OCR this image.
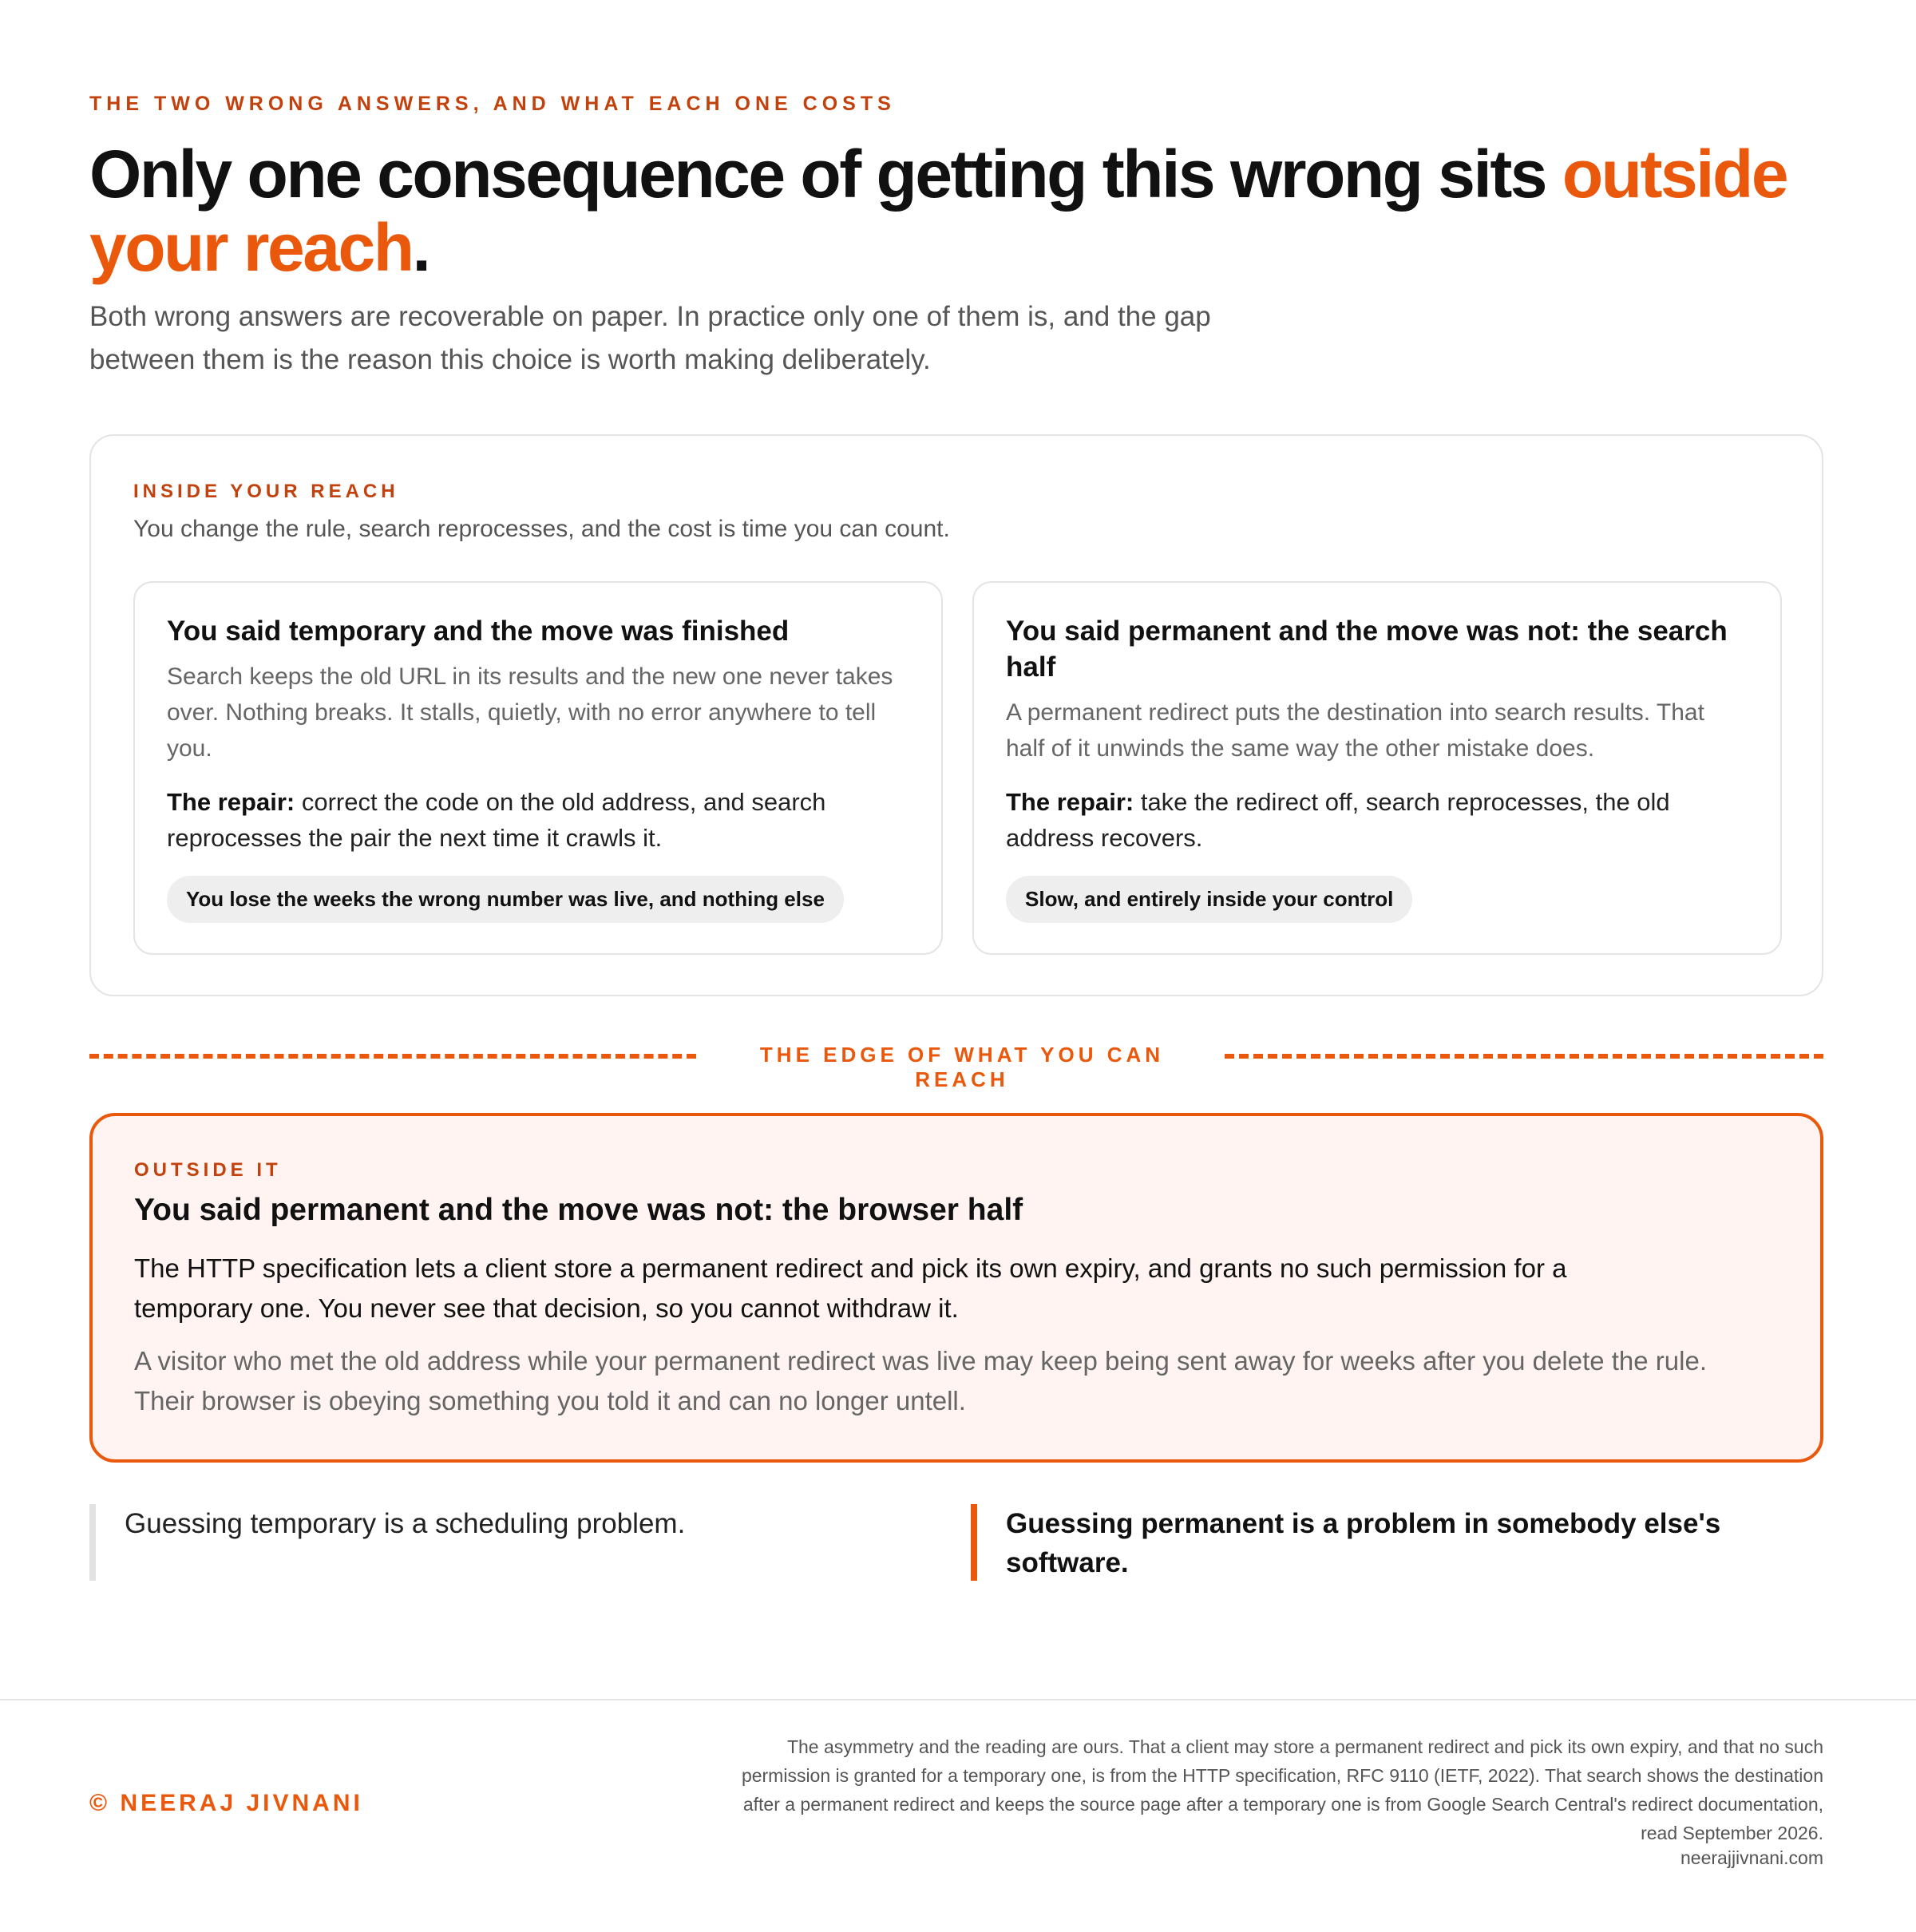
THE TWO WRONG ANSWERS, AND WHAT EACH ONE COSTS
Only one consequence of getting this wrong sits outside your reach.

Both wrong answers are recoverable on paper. In practice only one of them is, and the gap between them is the reason this choice is worth making deliberately.

INSIDE YOUR REACH
You change the rule, search reprocesses, and the cost is time you can count.
You said temporary and the move was finished

Search keeps the old URL in its results and the new one never takes over. Nothing breaks. It stalls, quietly, with no error anywhere to tell you.

The repair: correct the code on the old address, and search reprocesses the pair the next time it crawls it.

You lose the weeks the wrong number was live, and nothing else
You said permanent and the move was not: the search half

A permanent redirect puts the destination into search results. That half of it unwinds the same way the other mistake does.

The repair: take the redirect off, search reprocesses, the old address recovers.

Slow, and entirely inside your control
THE EDGE OF WHAT YOU CAN REACH
OUTSIDE IT
You said permanent and the move was not: the browser half

The HTTP specification lets a client store a permanent redirect and pick its own expiry, and grants no such permission for a temporary one. You never see that decision, so you cannot withdraw it.

A visitor who met the old address while your permanent redirect was live may keep being sent away for weeks after you delete the rule. Their browser is obeying something you told it and can no longer untell.

Guessing temporary is a scheduling problem.	Guessing permanent is a problem in somebody else's software.
© NEERAJ JIVNANI

The asymmetry and the reading are ours. That a client may store a permanent redirect and pick its own expiry, and that no such permission is granted for a temporary one, is from the HTTP specification, RFC 9110 (IETF, 2022). That search shows the destination after a permanent redirect and keeps the source page after a temporary one is from Google Search Central's redirect documentation, read September 2026.

neerajjivnani.com
